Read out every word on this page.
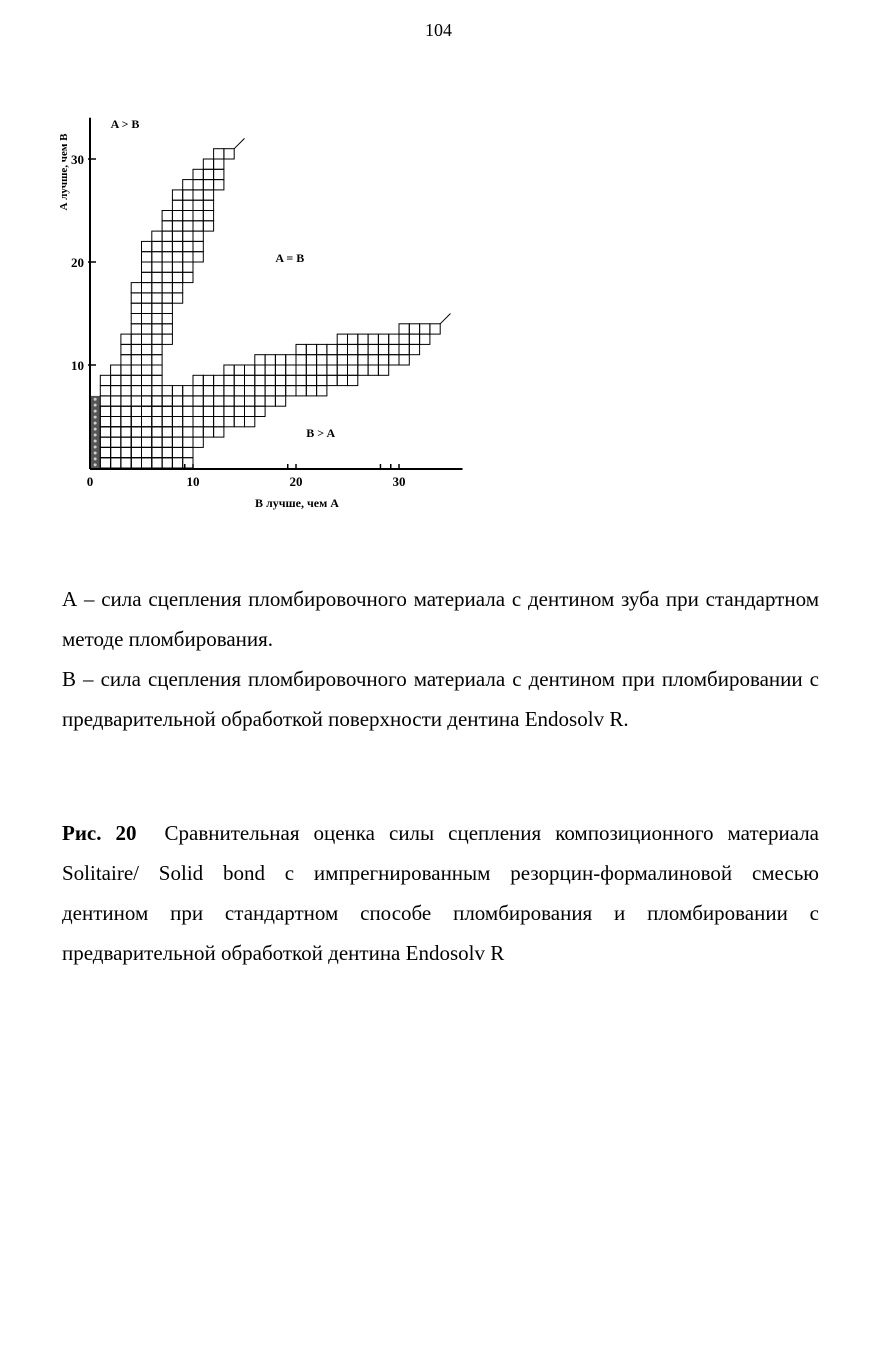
104
0	10	20	30
10
20
30
A > B
A = B
B > A
А лучше, чем В
В лучше, чем А

А – сила сцепления пломбировочного материала с дентином зуба при стандартном методе пломбирования.

В – сила сцепления пломбировочного материала с дентином при пломбировании с предварительной обработкой поверхности дентина Endosolv R.

Рис. 20 Сравнительная оценка силы сцепления композиционного материала Solitaire/ Solid bond с импрегнированным резорцин-формалиновой смесью дентином при стандартном способе пломбирования и пломбировании с предварительной обработкой дентина Endosolv R
